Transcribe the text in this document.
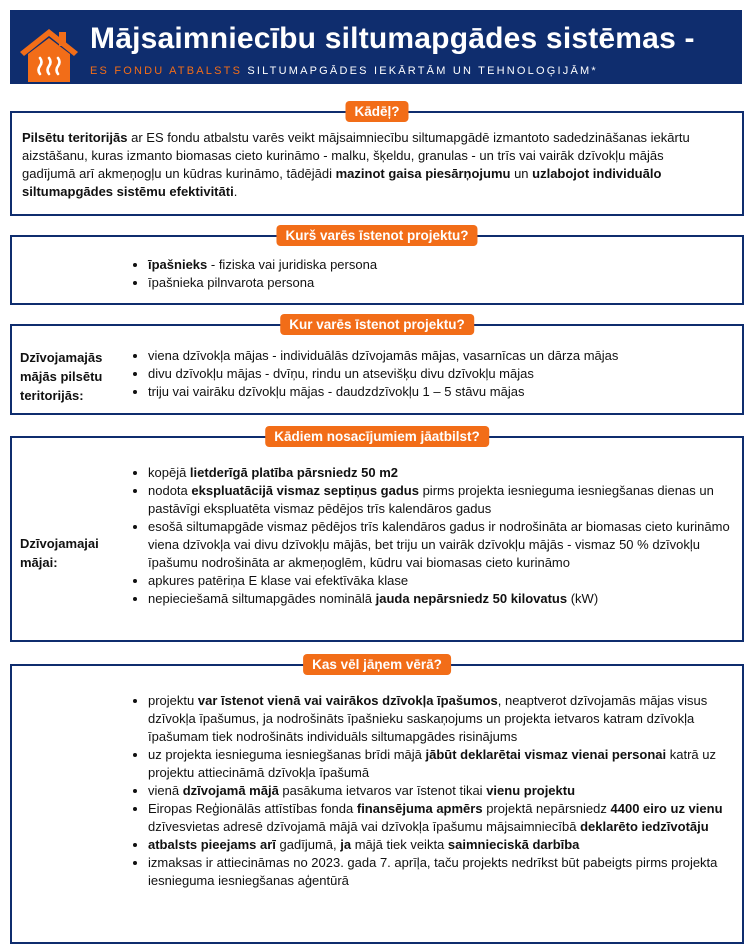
Mājsaimniecību siltumapgādes sistēmas -
ES FONDU ATBALSTS SILTUMAPGĀDES IEKĀRTĀM UN TEHNOLOĢIJĀM*
Kādēļ?
Pilsētu teritorijās ar ES fondu atbalstu varēs veikt mājsaimniecību siltumapgādē izmantoto sadedzināšanas iekārtu aizstāšanu, kuras izmanto biomasas cieto kurināmo - malku, šķeldu, granulas - un trīs vai vairāk dzīvokļu mājās gadījumā arī akmeņogļu un kūdras kurināmo, tādējādi mazinot gaisa piesārņojumu un uzlabojot individuālo siltumapgādes sistēmu efektivitāti.
Kurš varēs īstenot projektu?
• īpašnieks - fiziska vai juridiska persona
• īpašnieka pilnvarota persona
Kur varēs īstenot projektu?
Dzīvojamajās mājās pilsētu teritorijās:
• viena dzīvokļa mājas - individuālās dzīvojamās mājas, vasarnīcas un dārza mājas
• divu dzīvokļu mājas - dvīņu, rindu un atsevišķu divu dzīvokļu mājas
• triju vai vairāku dzīvokļu mājas - daudzdzīvokļu 1 – 5 stāvu mājas
Kādiem nosacījumiem jāatbilst?
Dzīvojamajai mājai:
• kopējā lietderīgā platība pārsniedz 50 m2
• nodota ekspluatācijā vismaz septiņus gadus pirms projekta iesnieguma iesniegšanas dienas un pastāvīgi ekspluatēta vismaz pēdējos trīs kalendāros gadus
• esošā siltumapgāde vismaz pēdējos trīs kalendāros gadus ir nodrošināta ar biomasas cieto kurināmo viena dzīvokļa vai divu dzīvokļu mājās, bet triju un vairāk dzīvokļu mājās - vismaz 50 % dzīvokļu īpašumu nodrošināta ar akmeņoglēm, kūdru vai biomasas cieto kurināmo
• apkures patēriņa E klase vai efektīvāka klase
• nepieciešamā siltumapgādes nominālā jauda nepārsniedz 50 kilovatus (kW)
Kas vēl jāņem vērā?
• projektu var īstenot vienā vai vairākos dzīvokļa īpašumos, neaptverot dzīvojamās mājas visus dzīvokļa īpašumus, ja nodrošināts īpašnieku saskaņojums un projekta ietvaros katram dzīvokļa īpašumam tiek nodrošināts individuāls siltumapgādes risinājums
• uz projekta iesnieguma iesniegšanas brīdi mājā jābūt deklarētai vismaz vienai personai katrā uz projektu attiecināmā dzīvokļa īpašumā
• vienā dzīvojamā mājā pasākuma ietvaros var īstenot tikai vienu projektu
• Eiropas Reģionālās attīstības fonda finansējuma apmērs projektā nepārsniedz 4400 eiro uz vienu dzīvesvietas adresē dzīvojamā mājā vai dzīvokļa īpašumu mājsaimniecībā deklarēto iedzīvotāju
• atbalsts pieejams arī gadījumā, ja mājā tiek veikta saimnieciskā darbība
• izmaksas ir attiecināmas no 2023. gada 7. aprīļa, taču projekts nedrīkst būt pabeigts pirms projekta iesnieguma iesniegšanas aģentūrā
